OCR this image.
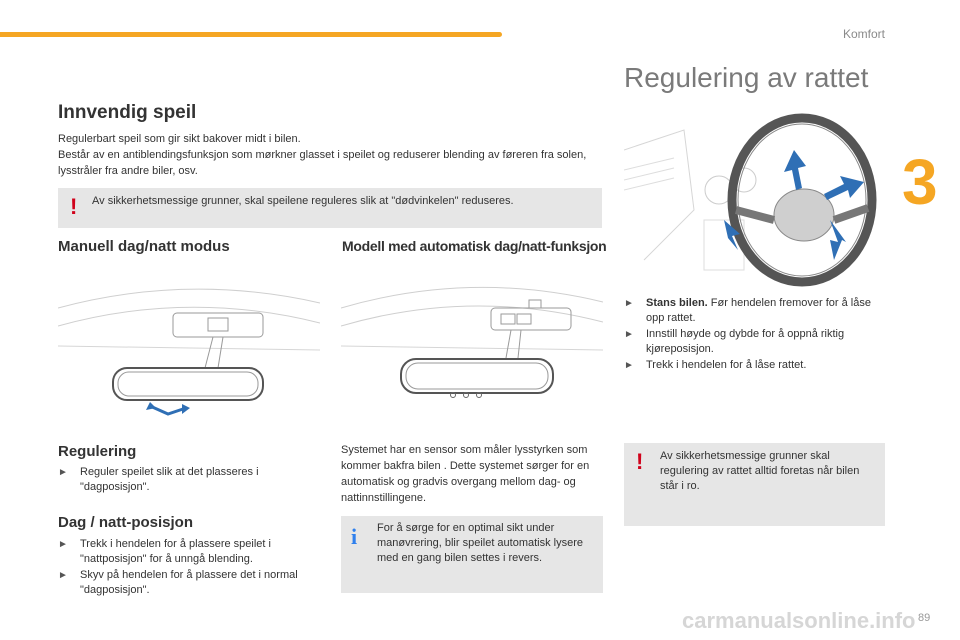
Komfort
3
Regulering av rattet
Innvendig speil
Regulerbart speil som gir sikt bakover midt i bilen.
Består av en antiblendingsfunksjon som mørkner glasset i speilet og reduserer blending av føreren fra solen, lysstråler fra andre biler, osv.
! Av sikkerhetsmessige grunner, skal speilene reguleres slik at "dødvinkelen" reduseres.
Manuell dag/natt modus	Modell med automatisk dag/natt-funksjon
Regulering
► Reguler speilet slik at det plasseres i "dagposisjon".
Dag / natt-posisjon
► Trekk i hendelen for å plassere speilet i "nattposisjon" for å unngå blending.
► Skyv på hendelen for å plassere det i normal "dagposisjon".
Systemet har en sensor som måler lysstyrken som kommer bakfra bilen . Dette systemet sørger for en automatisk og gradvis overgang mellom dag- og nattinnstillingene.
i For å sørge for en optimal sikt under manøvrering, blir speilet automatisk lysere med en gang bilen settes i revers.
► Stans bilen. Før hendelen fremover for å låse opp rattet.
► Innstill høyde og dybde for å oppnå riktig kjøreposisjon.
► Trekk i hendelen for å låse rattet.
! Av sikkerhetsmessige grunner skal regulering av rattet alltid foretas når bilen står i ro.
carmanualsonline.info 89
